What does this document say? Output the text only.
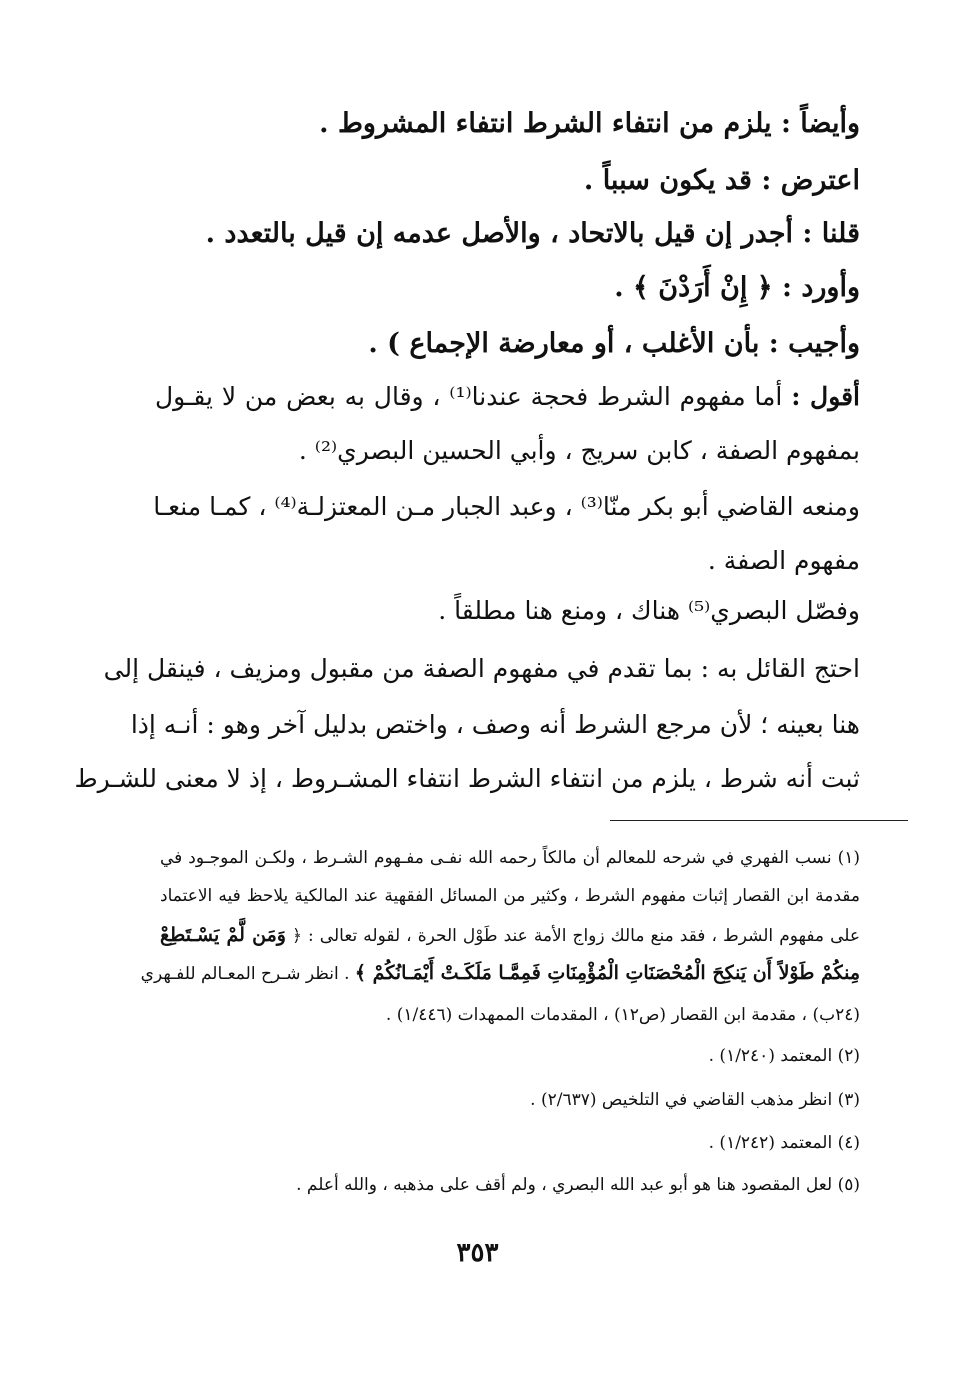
وأيضاً : يلزم من انتفاء الشرط انتفاء المشروط .
اعترض : قد يكون سبباً .
قلنا : أجدر إن قيل بالاتحاد ، والأصل عدمه إن قيل بالتعدد .
وأورد : ﴿ إِنْ أَرَدْنَ ﴾ .
وأجيب : بأن الأغلب ، أو معارضة الإجماع ) .
أقول : أما مفهوم الشرط فحجة عندنا⁽¹⁾ ، وقال به بعض من لا يقـول
بمفهوم الصفة ، كابن سريج ، وأبي الحسين البصري⁽²⁾ .
ومنعه القاضي أبو بكر منّا⁽³⁾ ، وعبد الجبار مـن المعتزلـة⁽⁴⁾ ، كمـا منعـا
مفهوم الصفة .
وفصّل البصري⁽⁵⁾ هناك ، ومنع هنا مطلقاً .
احتج القائل به : بما تقدم في مفهوم الصفة من مقبول ومزيف ، فينقل إلى
هنا بعينه ؛ لأن مرجع الشرط أنه وصف ، واختص بدليل آخر وهو : أنـه إذا
ثبت أنه شرط ، يلزم من انتفاء الشرط انتفاء المشـروط ، إذ لا معنى للشـرط
(١) نسب الفهري في شرحه للمعالم أن مالكاً رحمه الله نفـى مفـهوم الشـرط ، ولكـن الموجـود في
مقدمة ابن القصار إثبات مفهوم الشرط ، وكثير من المسائل الفقهية عند المالكية يلاحظ فيه الاعتماد
على مفهوم الشرط ، فقد منع مالك زواج الأمة عند طَوْل الحرة ، لقوله تعالى : ﴿ وَمَن لَّمْ يَسْـتَطِعْ
مِنكُمْ طَوْلاً أَن يَنكِحَ الْمُحْصَنَاتِ الْمُؤْمِنَاتِ فَمِمَّـا مَلَكَـتْ أَيْمَـانُكُمْ ﴾ . انظر شـرح المعـالم للفـهري
(٢٤ب) ، مقدمة ابن القصار (ص١٢) ، المقدمات الممهدات (١/٤٤٦) .
(٢) المعتمد (١/٢٤٠) .
(٣) انظر مذهب القاضي في التلخيص (٢/٦٣٧) .
(٤) المعتمد (١/٢٤٢) .
(٥) لعل المقصود هنا هو أبو عبد الله البصري ، ولم أقف على مذهبه ، والله أعلم .
٣٥٣
